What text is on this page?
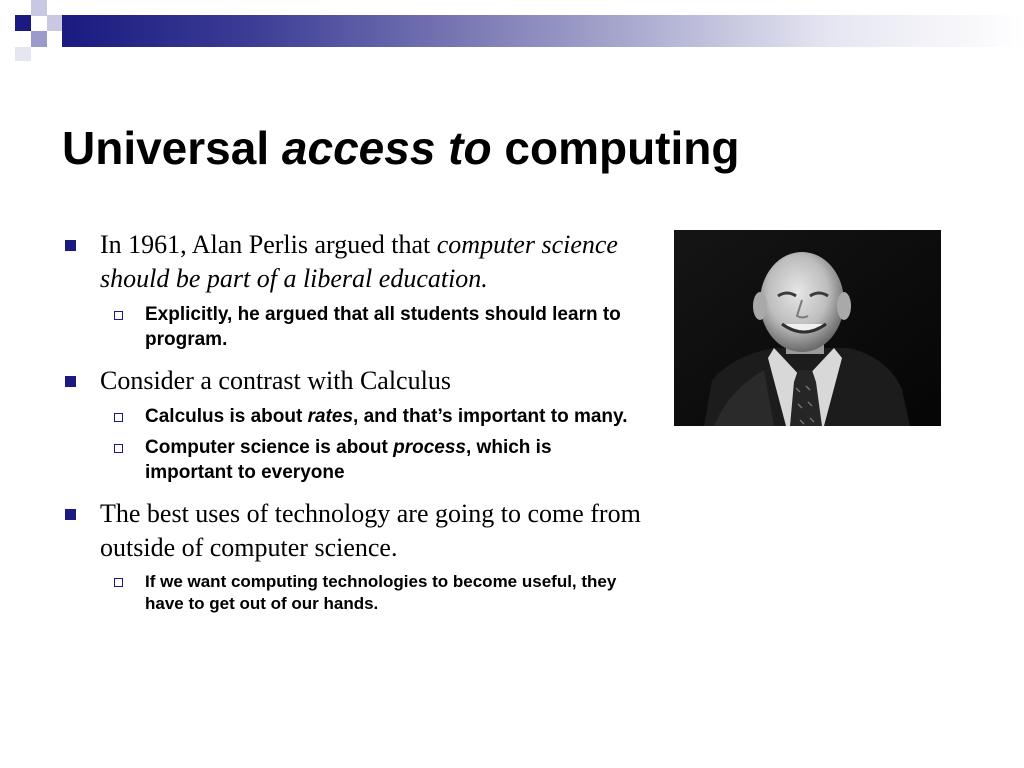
Universal access to computing
In 1961, Alan Perlis argued that computer science should be part of a liberal education.
Explicitly, he argued that all students should learn to program.
Consider a contrast with Calculus
Calculus is about rates, and that’s important to many.
Computer science is about process, which is important to everyone
The best uses of technology are going to come from outside of computer science.
If we want computing technologies to become useful, they have to get out of our hands.
